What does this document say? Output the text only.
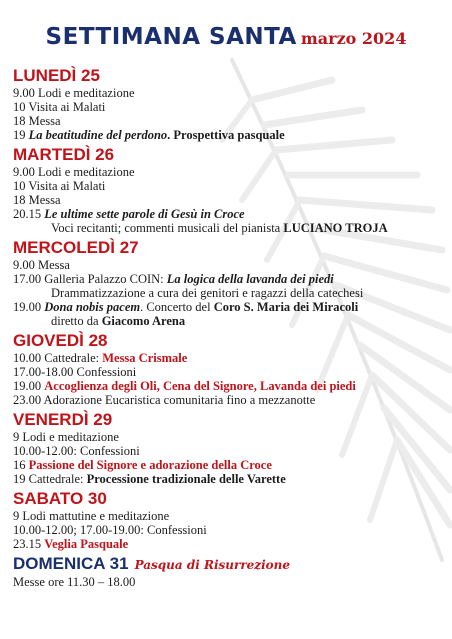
SETTIMANA SANTA marzo 2024
LUNEDÌ 25
9.00 Lodi e meditazione
10 Visita ai Malati
18 Messa
19 La beatitudine del perdono. Prospettiva pasquale
MARTEDÌ 26
9.00 Lodi e meditazione
10 Visita ai Malati
18 Messa
20.15 Le ultime sette parole di Gesù in Croce
Voci recitanti; commenti musicali del pianista LUCIANO TROJA
MERCOLEDÌ 27
9.00 Messa
17.00 Galleria Palazzo COIN: La logica della lavanda dei piedi
Drammatizzazione a cura dei genitori e ragazzi della catechesi
19.00 Dona nobis pacem. Concerto del Coro S. Maria dei Miracoli
diretto da Giacomo Arena
GIOVEDÌ 28
10.00 Cattedrale: Messa Crismale
17.00-18.00 Confessioni
19.00 Accoglienza degli Oli, Cena del Signore, Lavanda dei piedi
23.00 Adorazione Eucaristica comunitaria fino a mezzanotte
VENERDÌ 29
9 Lodi e meditazione
10.00-12.00: Confessioni
16 Passione del Signore e adorazione della Croce
19 Cattedrale: Processione tradizionale delle Varette
SABATO 30
9 Lodi mattutine e meditazione
10.00-12.00; 17.00-19.00: Confessioni
23.15 Veglia Pasquale
DOMENICA 31 Pasqua di Risurrezione
Messe ore 11.30 – 18.00
